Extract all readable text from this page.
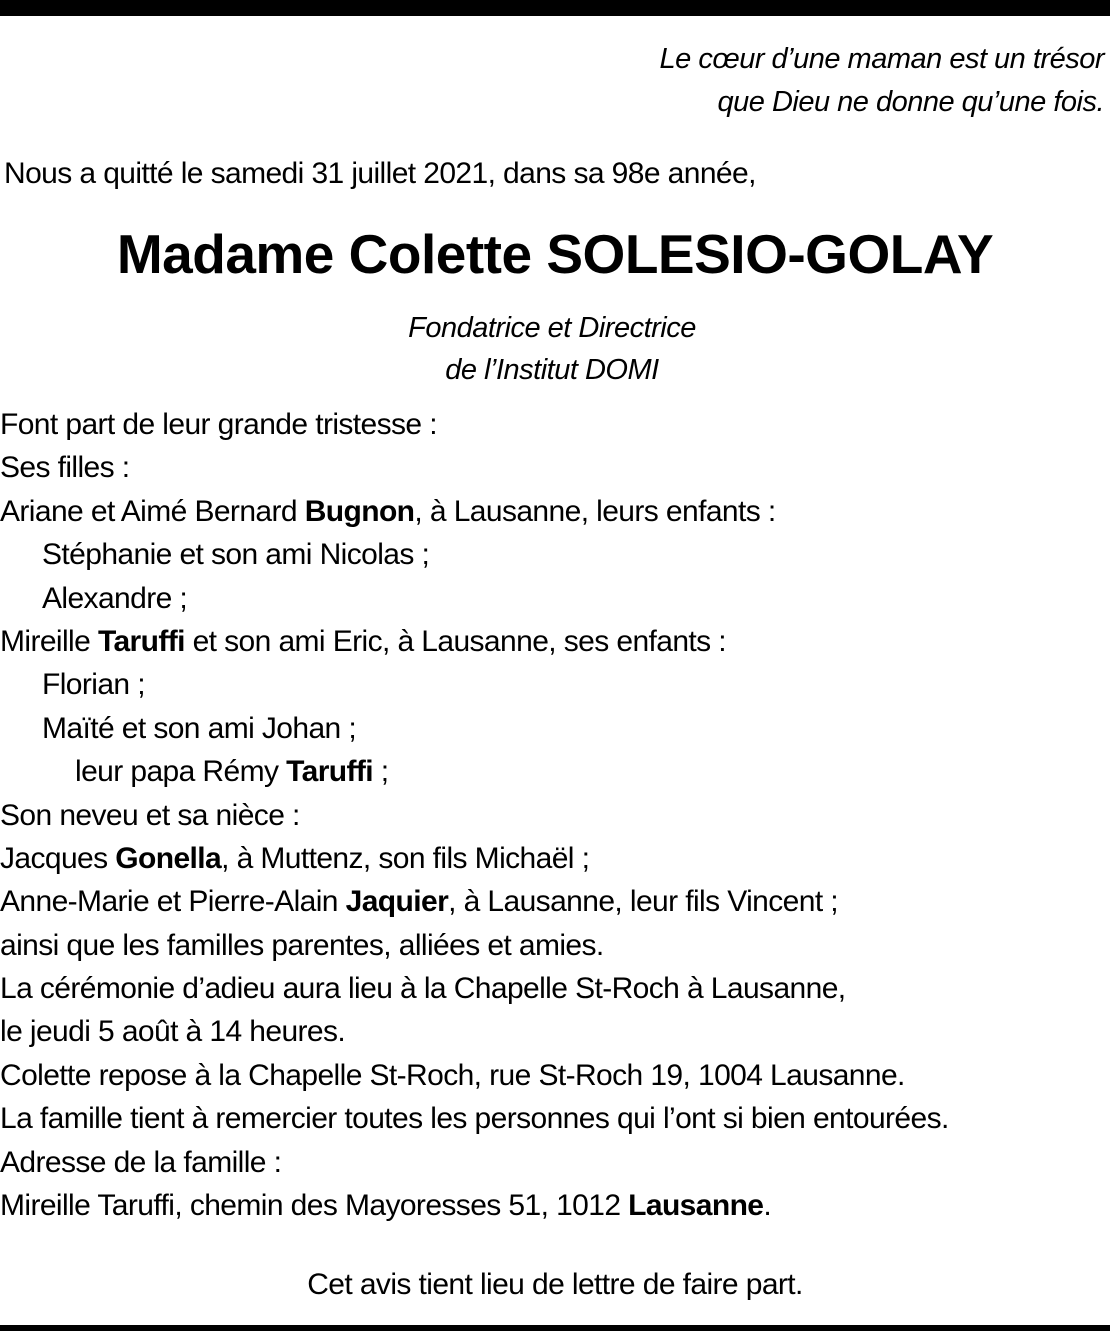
Le cœur d’une maman est un trésor
que Dieu ne donne qu’une fois.
Nous a quitté le samedi 31 juillet 2021, dans sa 98e année,
Madame Colette SOLESIO-GOLAY
Fondatrice et Directrice
de l’Institut DOMI
Font part de leur grande tristesse :
Ses filles :
Ariane et Aimé Bernard Bugnon, à Lausanne, leurs enfants :
Stéphanie et son ami Nicolas ;
Alexandre ;
Mireille Taruffi et son ami Eric, à Lausanne, ses enfants :
Florian ;
Maïté et son ami Johan ;
leur papa Rémy Taruffi ;
Son neveu et sa nièce :
Jacques Gonella, à Muttenz, son fils Michaël ;
Anne-Marie et Pierre-Alain Jaquier, à Lausanne, leur fils Vincent ;
ainsi que les familles parentes, alliées et amies.
La cérémonie d’adieu aura lieu à la Chapelle St-Roch à Lausanne,
le jeudi 5 août à 14 heures.
Colette repose à la Chapelle St-Roch, rue St-Roch 19, 1004 Lausanne.
La famille tient à remercier toutes les personnes qui l’ont si bien entourées.
Adresse de la famille :
Mireille Taruffi, chemin des Mayoresses 51, 1012 Lausanne.
Cet avis tient lieu de lettre de faire part.
